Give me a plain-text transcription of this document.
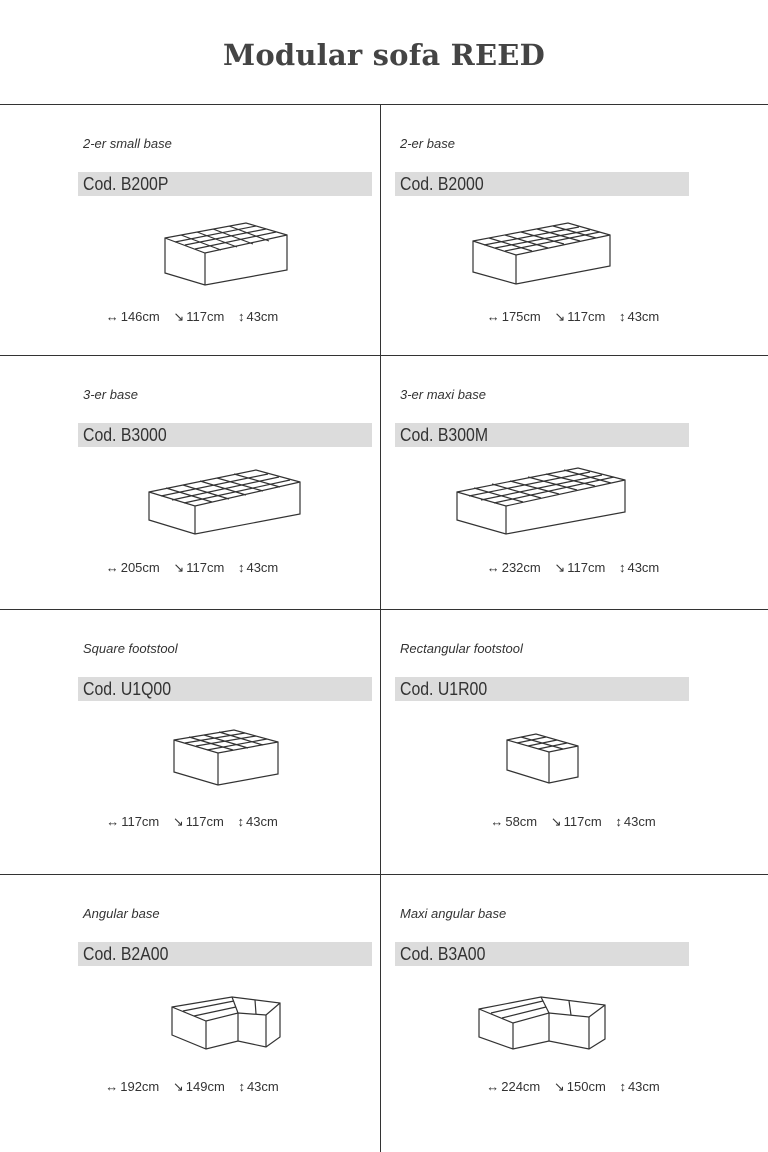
Modular sofa REED
2-er small base
Cod. B200P
↔ 146cm ↘ 117cm ↕ 43cm
2-er base
Cod. B2000
↔ 175cm ↘ 117cm ↕ 43cm
3-er base
Cod. B3000
↔ 205cm ↘ 117cm ↕ 43cm
3-er maxi base
Cod. B300M
↔ 232cm ↘ 117cm ↕ 43cm
Square footstool
Cod. U1Q00
↔ 117cm ↘ 117cm ↕ 43cm
Rectangular footstool
Cod. U1R00
↔ 58cm ↘ 117cm ↕ 43cm
Angular base
Cod. B2A00
↔ 192cm ↘ 149cm ↕ 43cm
Maxi angular base
Cod. B3A00
↔ 224cm ↘ 150cm ↕ 43cm
